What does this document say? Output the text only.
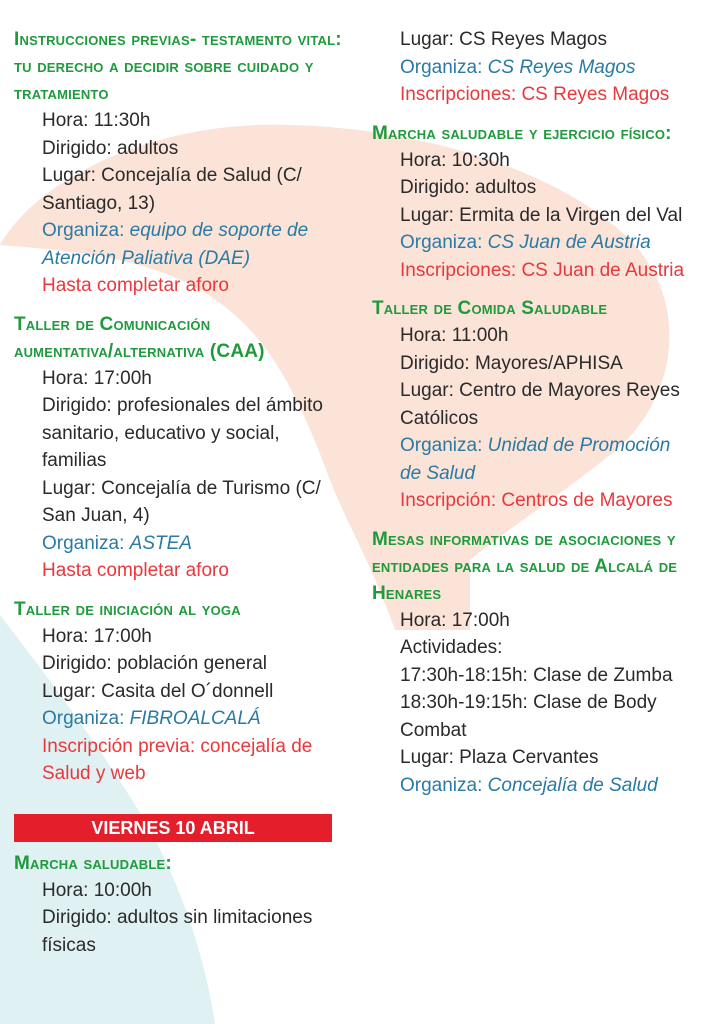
Instrucciones previas- testamento vital: tu derecho a decidir sobre cuidado y tratamiento
Hora: 11:30h
Dirigido: adultos
Lugar: Concejalía de Salud (C/ Santiago, 13)
Organiza: equipo de soporte de Atención Paliativa (DAE)
Hasta completar aforo
Taller de Comunicación aumentativa/alternativa (CAA)
Hora: 17:00h
Dirigido: profesionales del ámbito sanitario, educativo y social, familias
Lugar: Concejalía de Turismo (C/ San Juan, 4)
Organiza: ASTEA
Hasta completar aforo
Taller de iniciación al yoga
Hora: 17:00h
Dirigido: población general
Lugar: Casita del O´donnell
Organiza: FIBROALCALÁ
Inscripción previa: concejalía de Salud y web
VIERNES 10 ABRIL
Marcha saludable:
Hora: 10:00h
Dirigido: adultos sin limitaciones físicas
Lugar: CS Reyes Magos
Organiza: CS Reyes Magos
Inscripciones: CS Reyes Magos
Marcha saludable y ejercicio físico:
Hora: 10:30h
Dirigido: adultos
Lugar: Ermita de la Virgen del Val
Organiza: CS Juan de Austria
Inscripciones: CS Juan de Austria
Taller de Comida Saludable
Hora: 11:00h
Dirigido: Mayores/APHISA
Lugar: Centro de Mayores Reyes Católicos
Organiza: Unidad de Promoción de Salud
Inscripción: Centros de Mayores
Mesas informativas de asociaciones y entidades para la salud de Alcalá de Henares
Hora: 17:00h
Actividades:
17:30h-18:15h: Clase de Zumba
18:30h-19:15h: Clase de Body Combat
Lugar: Plaza Cervantes
Organiza: Concejalía de Salud
